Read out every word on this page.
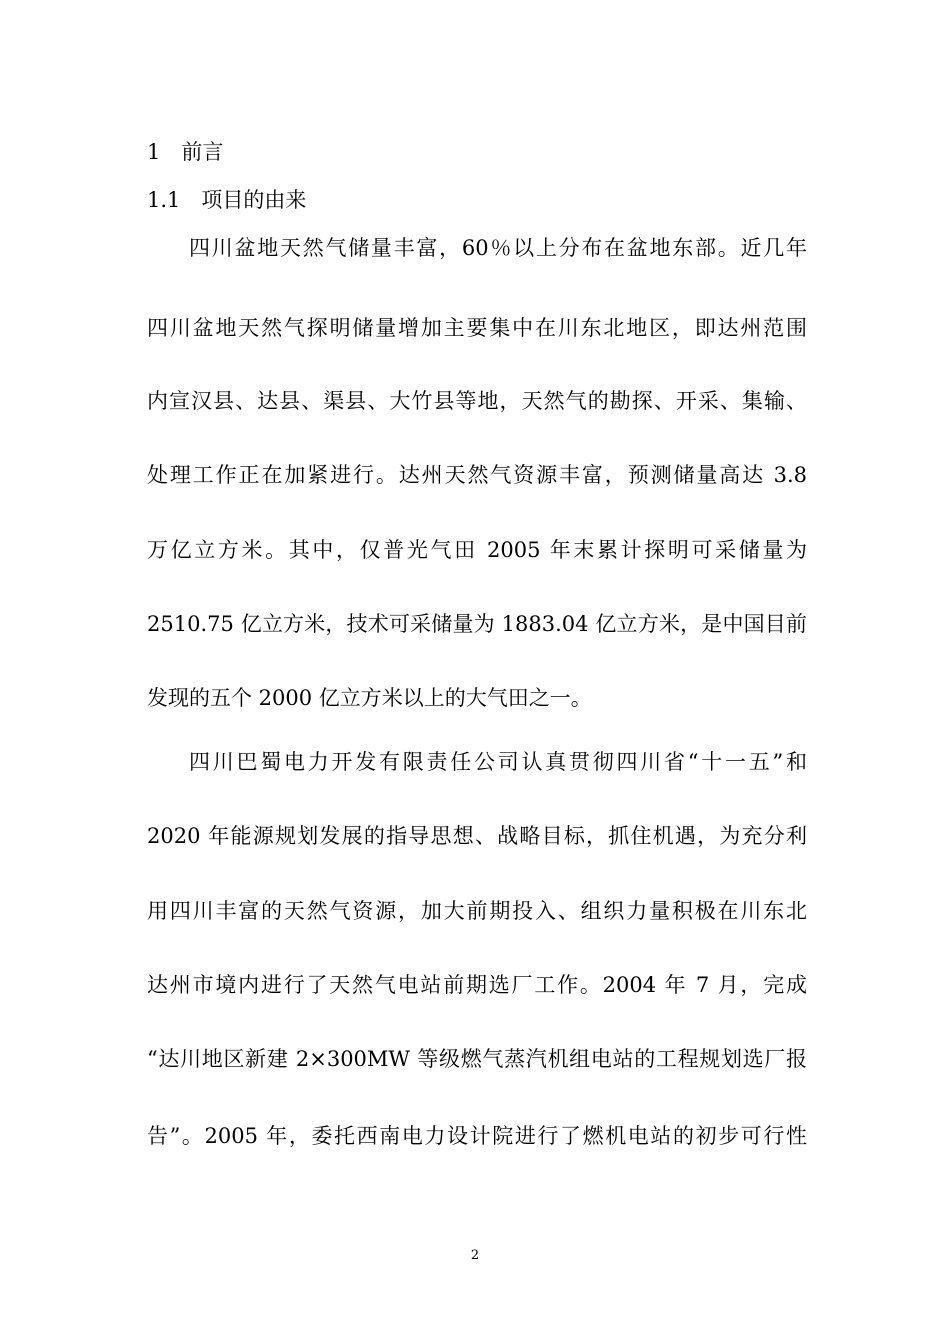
1　前言
1.1　项目的由来
四川盆地天然气储量丰富，60％以上分布在盆地东部。近几年
四川盆地天然气探明储量增加主要集中在川东北地区，即达州范围
内宣汉县、达县、渠县、大竹县等地，天然气的勘探、开采、集输、
处理工作正在加紧进行。达州天然气资源丰富，预测储量高达 3.8
万亿立方米。其中，仅普光气田 2005 年末累计探明可采储量为
2510.75 亿立方米，技术可采储量为 1883.04 亿立方米，是中国目前
发现的五个 2000 亿立方米以上的大气田之一。
四川巴蜀电力开发有限责任公司认真贯彻四川省“十一五”和
2020 年能源规划发展的指导思想、战略目标，抓住机遇，为充分利
用四川丰富的天然气资源，加大前期投入、组织力量积极在川东北
达州市境内进行了天然气电站前期选厂工作。2004 年 7 月，完成
“达川地区新建 2×300MW 等级燃气蒸汽机组电站的工程规划选厂报
告”。2005 年，委托西南电力设计院进行了燃机电站的初步可行性
2
